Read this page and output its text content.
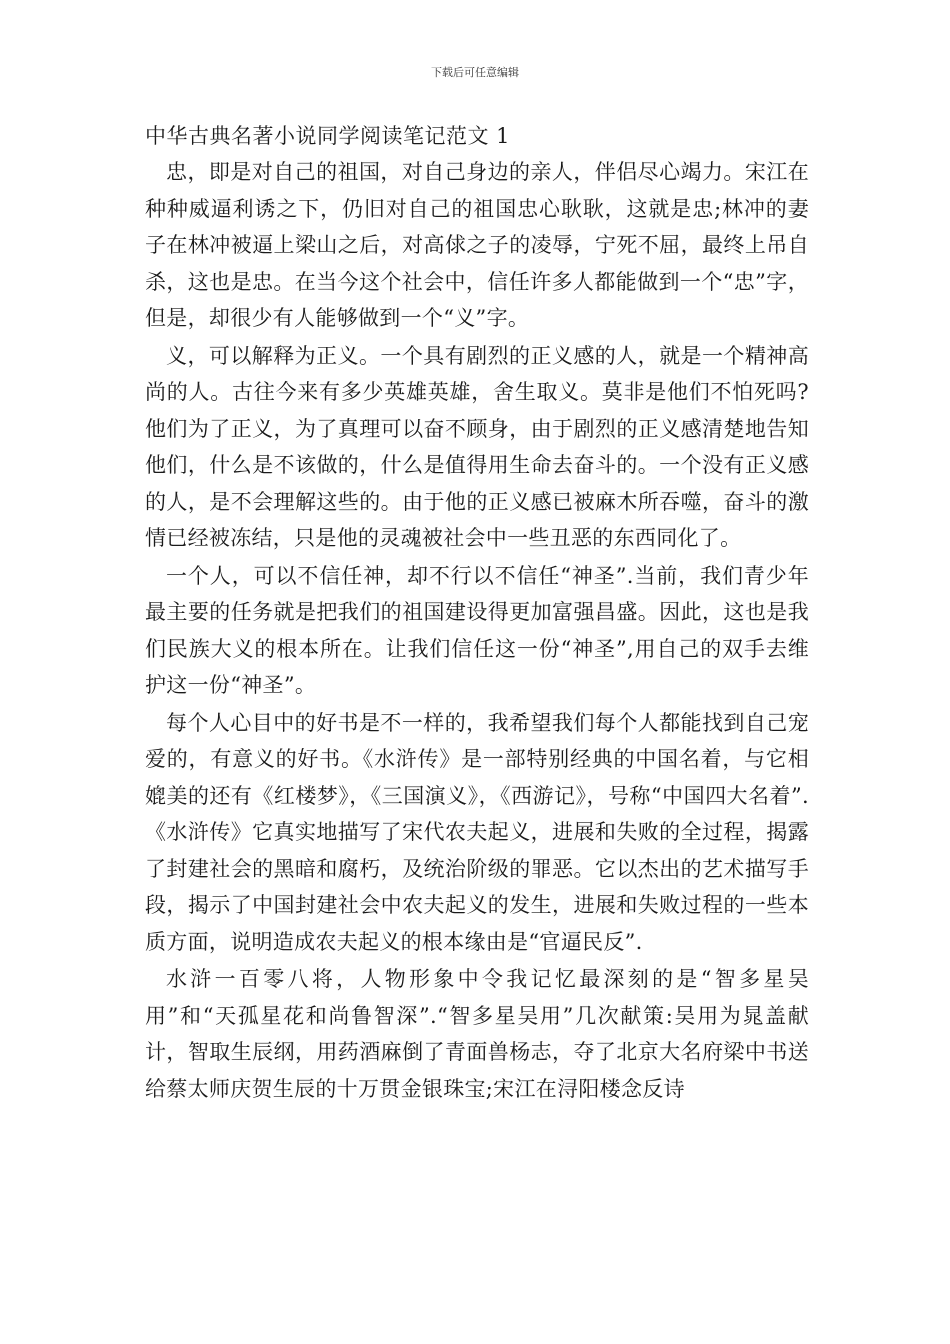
下载后可任意编辑
中华古典名著小说同学阅读笔记范文 1

忠，即是对自己的祖国，对自己身边的亲人，伴侣尽心竭力。宋江在种种威逼利诱之下，仍旧对自己的祖国忠心耿耿，这就是忠;林冲的妻子在林冲被逼上梁山之后，对高俅之子的凌辱，宁死不屈，最终上吊自杀，这也是忠。在当今这个社会中，信任许多人都能做到一个“忠”字，但是，却很少有人能够做到一个“义”字。

义，可以解释为正义。一个具有剧烈的正义感的人，就是一个精神高尚的人。古往今来有多少英雄英雄，舍生取义。莫非是他们不怕死吗?他们为了正义，为了真理可以奋不顾身，由于剧烈的正义感清楚地告知他们，什么是不该做的，什么是值得用生命去奋斗的。一个没有正义感的人，是不会理解这些的。由于他的正义感已被麻木所吞噬，奋斗的激情已经被冻结，只是他的灵魂被社会中一些丑恶的东西同化了。

一个人，可以不信任神，却不行以不信任“神圣”.当前，我们青少年最主要的任务就是把我们的祖国建设得更加富强昌盛。因此，这也是我们民族大义的根本所在。让我们信任这一份“神圣”,用自己的双手去维护这一份“神圣”。

每个人心目中的好书是不一样的，我希望我们每个人都能找到自己宠爱的，有意义的好书。《水浒传》是一部特别经典的中国名着，与它相媲美的还有《红楼梦》，《三国演义》，《西游记》，号称“中国四大名着”.《水浒传》它真实地描写了宋代农夫起义，进展和失败的全过程，揭露了封建社会的黑暗和腐朽，及统治阶级的罪恶。它以杰出的艺术描写手段，揭示了中国封建社会中农夫起义的发生，进展和失败过程的一些本质方面，说明造成农夫起义的根本缘由是“官逼民反”.

水浒一百零八将，人物形象中令我记忆最深刻的是“智多星吴用”和“天孤星花和尚鲁智深”.“智多星吴用”几次献策:吴用为晁盖献计，智取生辰纲，用药酒麻倒了青面兽杨志，夺了北京大名府梁中书送给蔡太师庆贺生辰的十万贯金银珠宝;宋江在浔阳楼念反诗
